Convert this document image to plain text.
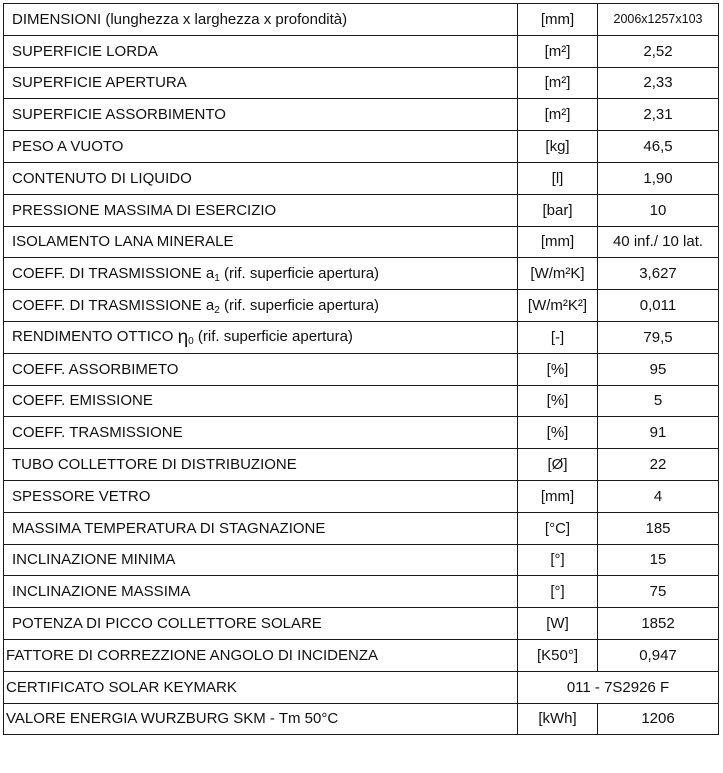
DIMENSIONI (lunghezza x larghezza x profondità)	[mm]	2006x1257x103
SUPERFICIE LORDA	[m²]	2,52
SUPERFICIE APERTURA	[m²]	2,33
SUPERFICIE ASSORBIMENTO	[m²]	2,31
PESO A VUOTO	[kg]	46,5
CONTENUTO DI LIQUIDO	[l]	1,90
PRESSIONE MASSIMA DI ESERCIZIO	[bar]	10
ISOLAMENTO LANA MINERALE	[mm]	40 inf./ 10 lat.
COEFF. DI TRASMISSIONE $a_1$ (rif. superficie apertura)	[W/m²K]	3,627
COEFF. DI TRASMISSIONE $a_2$ (rif. superficie apertura)	[W/m²K²]	0,011
RENDIMENTO OTTICO $\eta_0$ (rif. superficie apertura)	[-]	79,5
COEFF. ASSORBIMETO	[%]	95
COEFF. EMISSIONE	[%]	5
COEFF. TRASMISSIONE	[%]	91
TUBO COLLETTORE DI DISTRIBUZIONE	[Ø]	22
SPESSORE VETRO	[mm]	4
MASSIMA TEMPERATURA DI STAGNAZIONE	[°C]	185
INCLINAZIONE MINIMA	[°]	15
INCLINAZIONE MASSIMA	[°]	75
POTENZA DI PICCO COLLETTORE SOLARE	[W]	1852
FATTORE DI CORREZZIONE ANGOLO DI INCIDENZA	[K50°]	0,947
CERTIFICATO SOLAR KEYMARK	011 - 7S2926 F	
VALORE ENERGIA WURZBURG SKM - Tm 50°C	[kWh]	1206
